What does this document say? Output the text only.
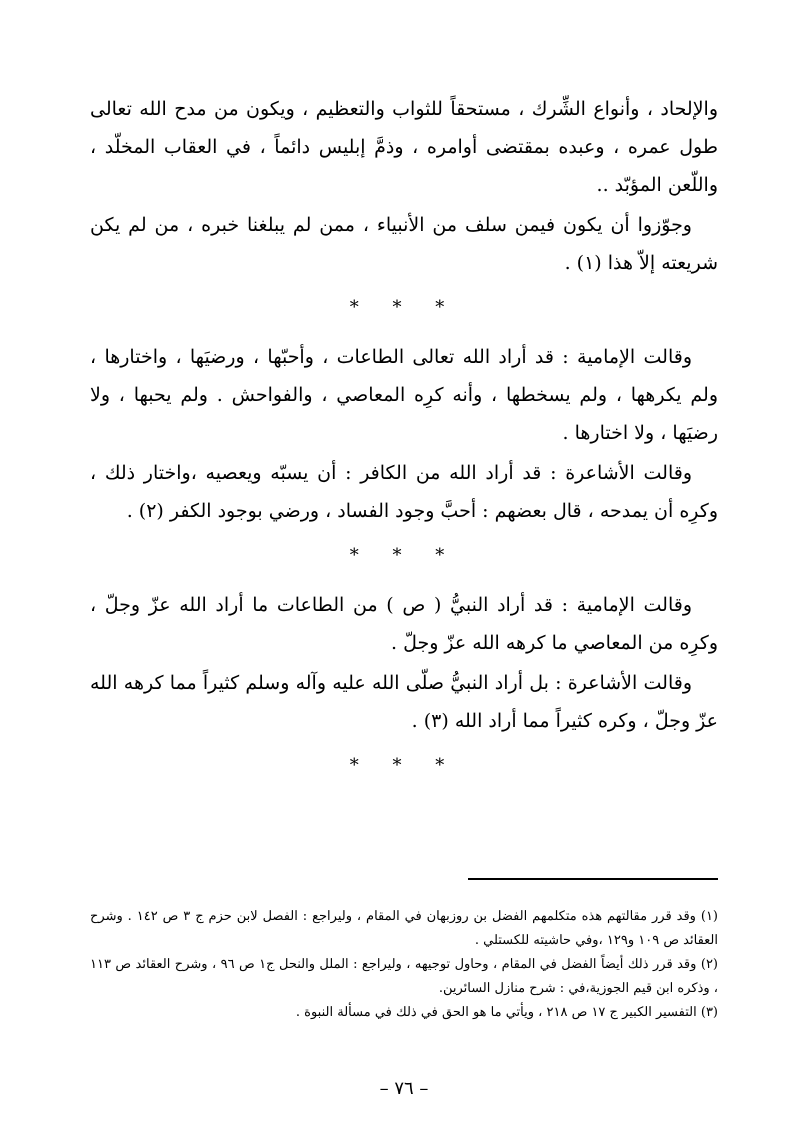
والإلحاد ، وأنواع الشِّرك ، مستحقاً للثواب والتعظيم ، ويكون من مدح الله تعالى طول عمره ، وعبده بمقتضى أوامره ، وذمَّ إبليس دائماً ، في العقاب المخلّد ، واللّعن المؤبّد ..

وجوّزوا أن يكون فيمن سلف من الأنبياء ، ممن لم يبلغنا خبره ، من لم يكن شريعته إلاّ هذا (١) .

* * *

وقالت الإمامية : قد أراد الله تعالى الطاعات ، وأحبّها ، ورضيَها ، واختارها ، ولم يكرهها ، ولم يسخطها ، وأنه كرِه المعاصي ، والفواحش . ولم يحبها ، ولا رضيَها ، ولا اختارها .

وقالت الأشاعرة : قد أراد الله من الكافر : أن يسبّه ويعصيه ،واختار ذلك ، وكرِه أن يمدحه ، قال بعضهم : أحبَّ وجود الفساد ، ورضي بوجود الكفر (٢) .

* * *

وقالت الإمامية : قد أراد النبيُّ ( ص ) من الطاعات ما أراد الله عزّ وجلّ ، وكرِه من المعاصي ما كرهه الله عزّ وجلّ .

وقالت الأشاعرة : بل أراد النبيُّ صلّى الله عليه وآله وسلم كثيراً مما كرهه الله عزّ وجلّ ، وكره كثيراً مما أراد الله (٣) .

* * *

(١) وقد قرر مقالتهم هذه متكلمهم الفضل بن روزبهان في المقام ، وليراجع : الفصل لابن حزم ج ٣ ص ١٤٢ . وشرح العقائد ص ١٠٩ و١٢٩ ،وفي حاشيته للكستلي .

(٢) وقد قرر ذلك أيضاً الفضل في المقام ، وحاول توجيهه ، وليراجع : الملل والنحل ج١ ص ٩٦ ، وشرح العقائد ص ١١٣ ، وذكره ابن قيم الجوزية،في : شرح منازل السائرين.

(٣) التفسير الكبير ج ١٧ ص ٢١٨ ، ويأتي ما هو الحق في ذلك في مسألة النبوة .

– ٧٦ –
